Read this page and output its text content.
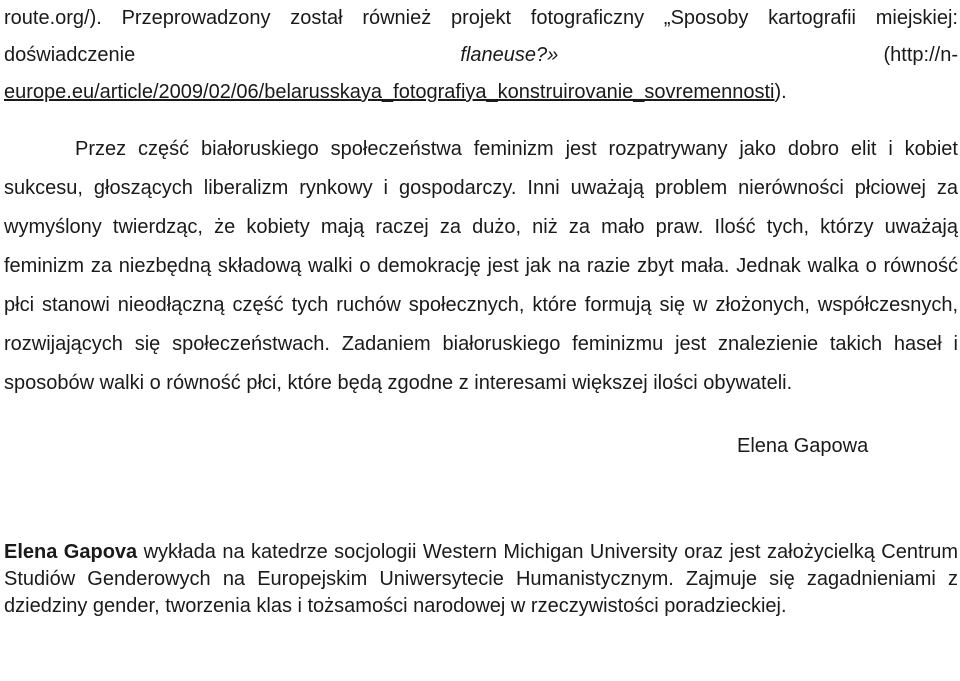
route.org/). Przeprowadzony został również projekt fotograficzny „Sposoby kartografii miejskiej:

doświadczenie	flaneuse?»	(http://n-

europe.eu/article/2009/02/06/belarusskaya_fotografiya_konstruirovanie_sovremennosti).

Przez część białoruskiego społeczeństwa feminizm jest rozpatrywany jako dobro elit i kobiet sukcesu, głoszących liberalizm rynkowy i gospodarczy. Inni uważają problem nierówności płciowej za wymyślony twierdząc, że kobiety mają raczej za dużo, niż za mało praw. Ilość tych, którzy uważają feminizm za niezbędną składową walki o demokrację jest jak na razie zbyt mała. Jednak walka o równość płci stanowi nieodłączną część tych ruchów społecznych, które formują się w złożonych, współczesnych, rozwijających się społeczeństwach. Zadaniem białoruskiego feminizmu jest znalezienie takich haseł i sposobów walki o równość płci, które będą zgodne z interesami większej ilości obywateli.

Elena Gapowa

Elena Gapova wykłada na katedrze socjologii Western Michigan University oraz jest założycielką Centrum Studiów Genderowych na Europejskim Uniwersytecie Humanistycznym. Zajmuje się zagadnieniami z dziedziny gender, tworzenia klas i tożsamości narodowej w rzeczywistości poradzieckiej.
